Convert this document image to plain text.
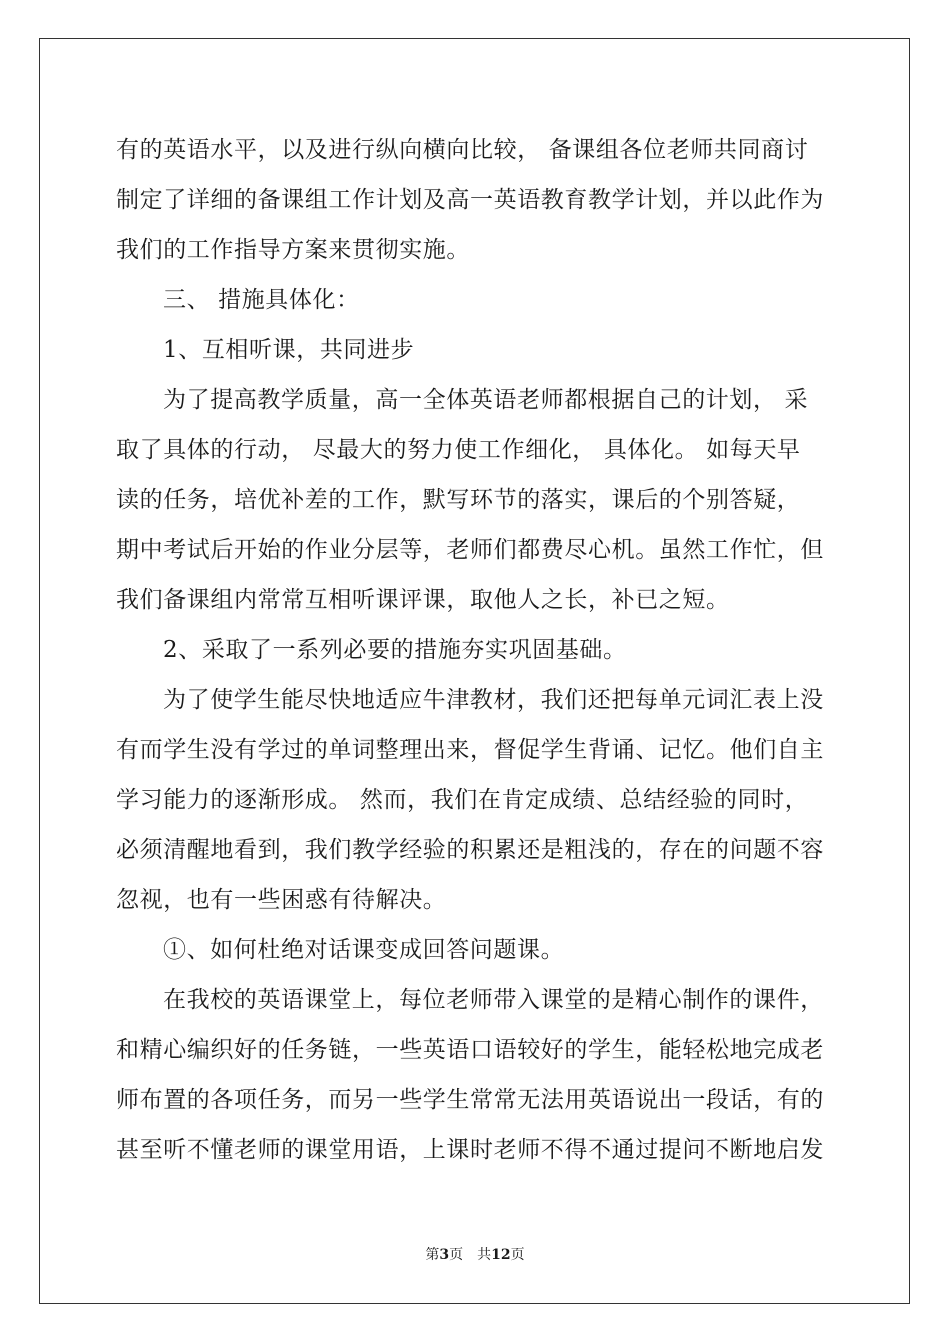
有的英语水平，以及进行纵向横向比较， 备课组各位老师共同商讨
制定了详细的备课组工作计划及高一英语教育教学计划，并以此作为
我们的工作指导方案来贯彻实施。
三、 措施具体化：
1、互相听课，共同进步
为了提高教学质量，高一全体英语老师都根据自己的计划， 采
取了具体的行动， 尽最大的努力使工作细化， 具体化。 如每天早
读的任务，培优补差的工作，默写环节的落实，课后的个别答疑，
期中考试后开始的作业分层等，老师们都费尽心机。虽然工作忙，但
我们备课组内常常互相听课评课，取他人之长，补已之短。
2、采取了一系列必要的措施夯实巩固基础。
为了使学生能尽快地适应牛津教材，我们还把每单元词汇表上没
有而学生没有学过的单词整理出来，督促学生背诵、记忆。他们自主
学习能力的逐渐形成。 然而，我们在肯定成绩、总结经验的同时，
必须清醒地看到，我们教学经验的积累还是粗浅的，存在的问题不容
忽视，也有一些困惑有待解决。
①、如何杜绝对话课变成回答问题课。
在我校的英语课堂上，每位老师带入课堂的是精心制作的课件，
和精心编织好的任务链，一些英语口语较好的学生，能轻松地完成老
师布置的各项任务，而另一些学生常常无法用英语说出一段话，有的
甚至听不懂老师的课堂用语，上课时老师不得不通过提问不断地启发
第3页 共12页
